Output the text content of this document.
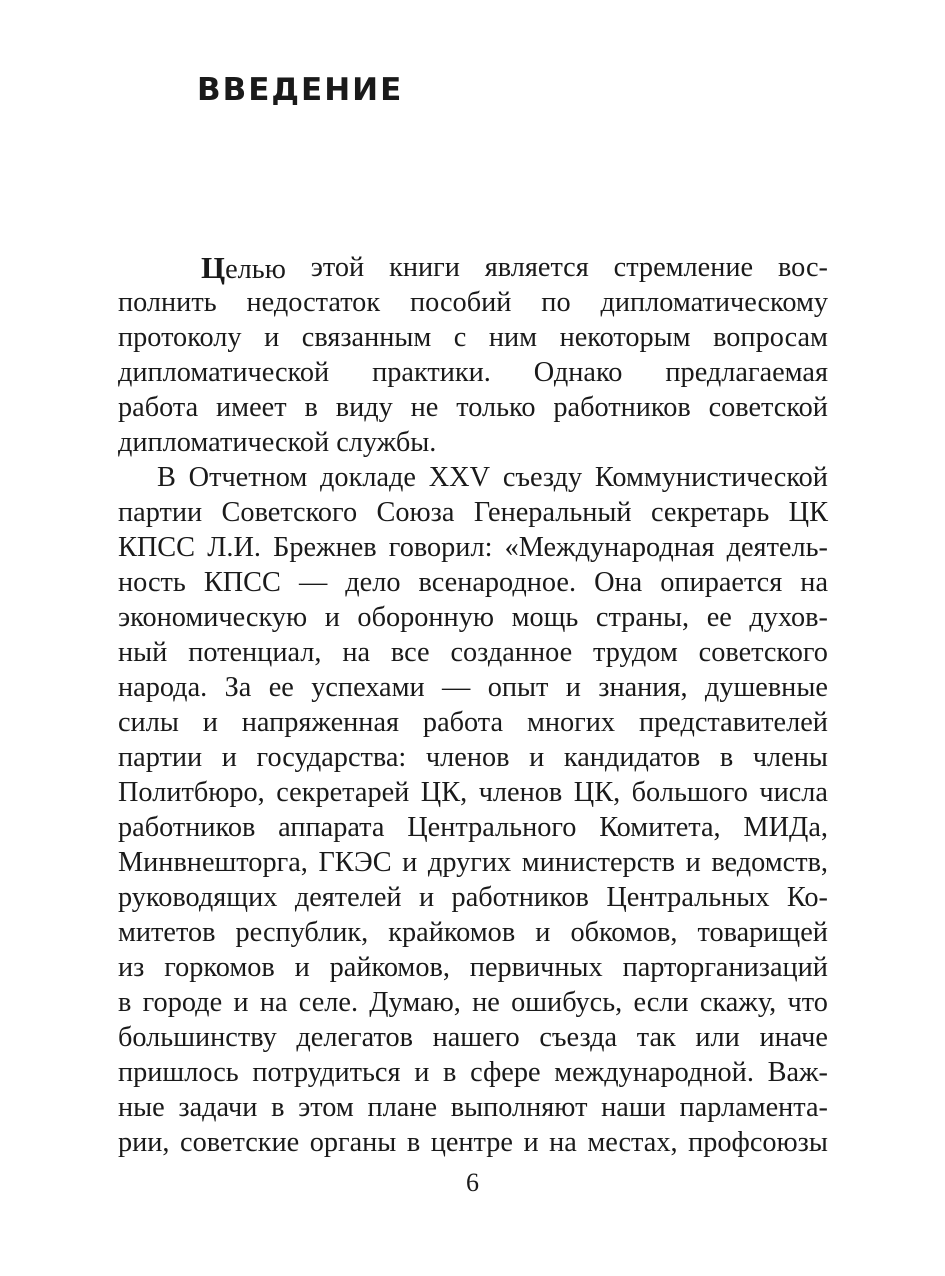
ВВЕДЕНИЕ
Целью этой книги является стремление вос-
полнить недостаток пособий по дипломатическому
протоколу и связанным с ним некоторым вопросам
дипломатической практики. Однако предлагаемая
работа имеет в виду не только работников советской
дипломатической службы.
В Отчетном докладе XXV съезду Коммунистической
партии Советского Союза Генеральный секретарь ЦК
КПСС Л.И. Брежнев говорил: «Международная деятель-
ность КПСС — дело всенародное. Она опирается на
экономическую и оборонную мощь страны, ее духов-
ный потенциал, на все созданное трудом советского
народа. За ее успехами — опыт и знания, душевные
силы и напряженная работа многих представителей
партии и государства: членов и кандидатов в члены
Политбюро, секретарей ЦК, членов ЦК, большого числа
работников аппарата Центрального Комитета, МИДа,
Минвнешторга, ГКЭС и других министерств и ведомств,
руководящих деятелей и работников Центральных Ко-
митетов республик, крайкомов и обкомов, товарищей
из горкомов и райкомов, первичных парторганизаций
в городе и на селе. Думаю, не ошибусь, если скажу, что
большинству делегатов нашего съезда так или иначе
пришлось потрудиться и в сфере международной. Важ-
ные задачи в этом плане выполняют наши парламента-
рии, советские органы в центре и на местах, профсоюзы
6
